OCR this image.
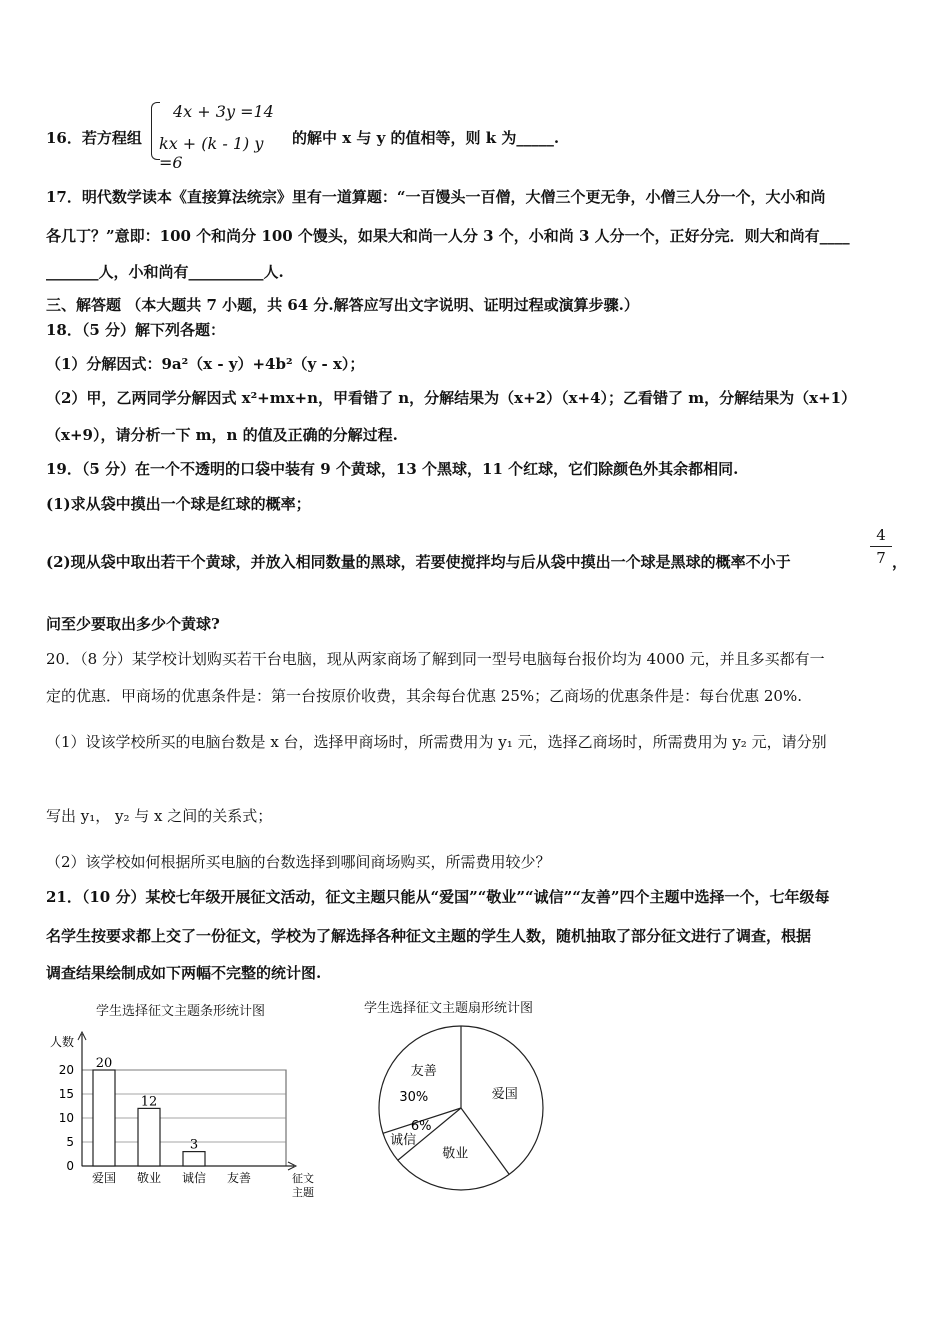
16．若方程组
4x + 3y =14
kx + (k - 1) y =6
的解中 x 与 y 的值相等，则 k 为_____.
17．明代数学读本《直接算法统宗》里有一道算题：“一百馒头一百僧，大僧三个更无争，小僧三人分一个，大小和尚
各几丁？”意即：100 个和尚分 100 个馒头，如果大和尚一人分 3 个，小和尚 3 人分一个，正好分完．则大和尚有____
_______人，小和尚有__________人.
三、解答题 （本大题共 7 小题，共 64 分.解答应写出文字说明、证明过程或演算步骤.）
18．（5 分）解下列各题：
（1）分解因式：9a²（x - y）+4b²（y - x）；
（2）甲，乙两同学分解因式 x²+mx+n，甲看错了 n，分解结果为（x+2）（x+4）；乙看错了 m，分解结果为（x+1）
（x+9），请分析一下 m，n 的值及正确的分解过程.
19．（5 分）在一个不透明的口袋中装有 9 个黄球，13 个黑球，11 个红球，它们除颜色外其余都相同.
(1)求从袋中摸出一个球是红球的概率；
(2)现从袋中取出若干个黄球，并放入相同数量的黑球，若要使搅拌均与后从袋中摸出一个球是黑球的概率不小于
4
7 ，
问至少要取出多少个黄球?
20．（8 分）某学校计划购买若干台电脑，现从两家商场了解到同一型号电脑每台报价均为 4000 元，并且多买都有一
定的优惠．甲商场的优惠条件是：第一台按原价收费，其余每台优惠 25%；乙商场的优惠条件是：每台优惠 20%.
（1）设该学校所买的电脑台数是 x 台，选择甲商场时，所需费用为 y₁ 元，选择乙商场时，所需费用为 y₂ 元，请分别
写出 y₁， y₂ 与 x 之间的关系式；
（2）该学校如何根据所买电脑的台数选择到哪间商场购买，所需费用较少？
21．（10 分）某校七年级开展征文活动，征文主题只能从“爱国”“敬业”“诚信”“友善”四个主题中选择一个，七年级每
名学生按要求都上交了一份征文，学校为了解选择各种征文主题的学生人数，随机抽取了部分征文进行了调查，根据
调查结果绘制成如下两幅不完整的统计图.
学生选择征文主题条形统计图
0
5
10
15
20
人数
征文
主题
20
爱国
12
敬业
3
诚信 友善
学生选择征文主题扇形统计图
爱国
敬业
诚信
6%
友善
30%
